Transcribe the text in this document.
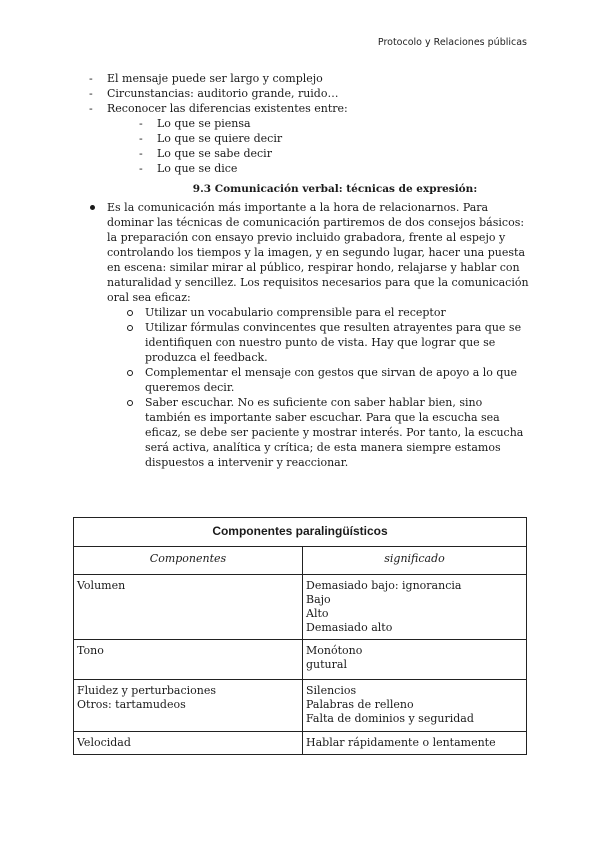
Protocolo y Relaciones públicas
- El mensaje puede ser largo y complejo
- Circunstancias: auditorio grande, ruido…
- Reconocer las diferencias existentes entre:
- Lo que se piensa
- Lo que se quiere decir
- Lo que se sabe decir
- Lo que se dice
9.3 Comunicación verbal: técnicas de expresión:
Es la comunicación más importante a la hora de relacionarnos. Para dominar las técnicas de comunicación partiremos de dos consejos básicos: la preparación con ensayo previo incluido grabadora, frente al espejo y controlando los tiempos y la imagen, y en segundo lugar, hacer una puesta en escena: similar mirar al público, respirar hondo, relajarse y hablar con naturalidad y sencillez. Los requisitos necesarios para que la comunicación oral sea eficaz:
Utilizar un vocabulario comprensible para el receptor
Utilizar fórmulas convincentes que resulten atrayentes para que se identifiquen con nuestro punto de vista. Hay que lograr que se produzca el feedback.
Complementar el mensaje con gestos que sirvan de apoyo a lo que queremos decir.
Saber escuchar. No es suficiente con saber hablar bien, sino también es importante saber escuchar. Para que la escucha sea eficaz, se debe ser paciente y mostrar interés. Por tanto, la escucha será activa, analítica y crítica; de esta manera siempre estamos dispuestos a intervenir y reaccionar.
Componentes paralingüísticos	
Componentes	significado

Volumen	Demasiado bajo: ignorancia
Bajo
Alto
Demasiado alto

Tono	Monótono
gutural

Fluidez y perturbaciones
Otros: tartamudeos	Silencios
Palabras de relleno
Falta de dominios y seguridad

Velocidad	Hablar rápidamente o lentamente
